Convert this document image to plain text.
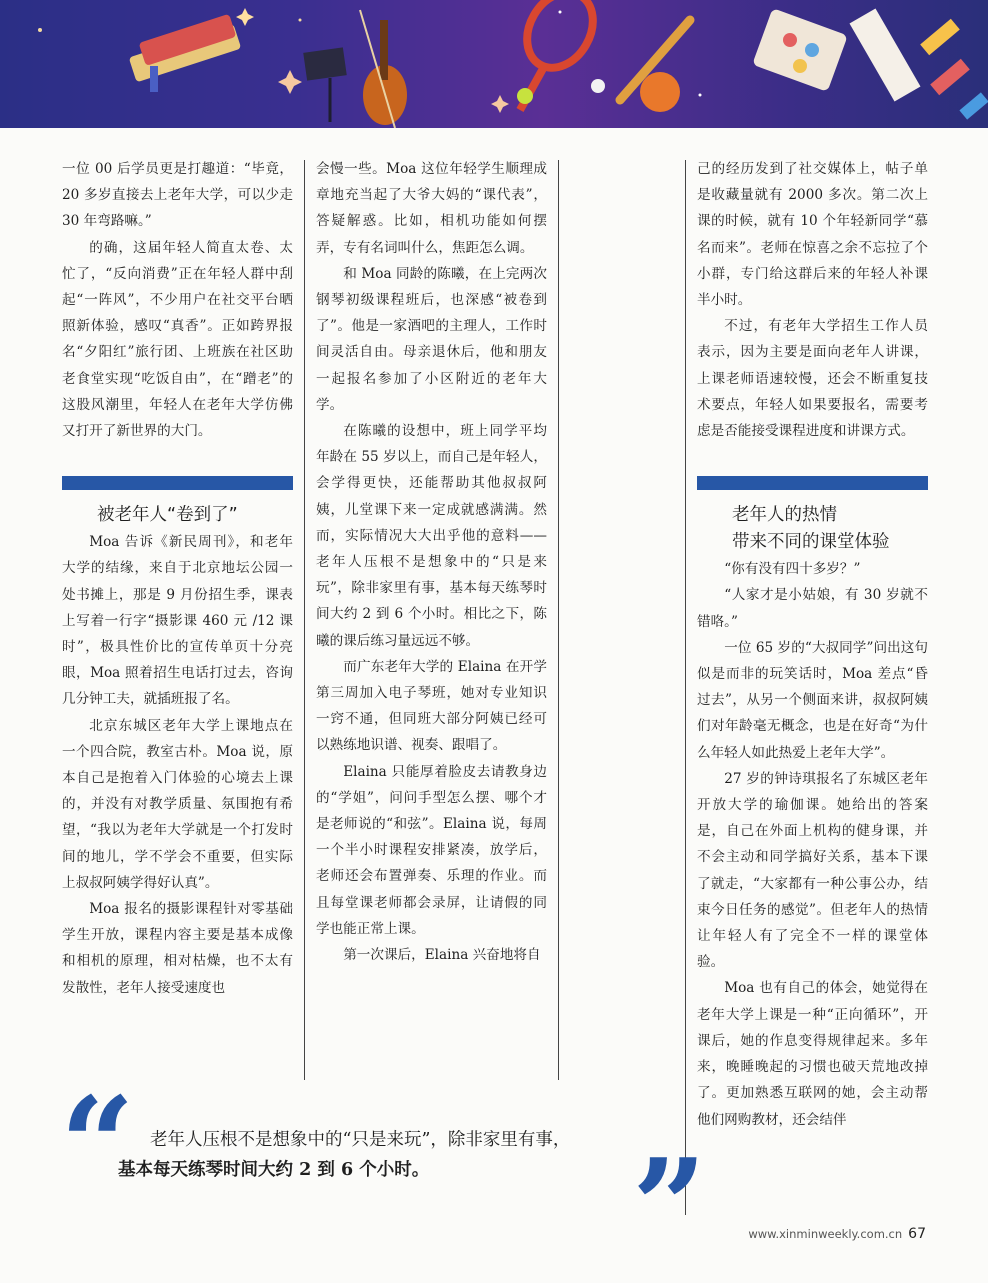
一位 00 后学员更是打趣道：“毕竟，20 多岁直接去上老年大学，可以少走 30 年弯路嘛。”

的确，这届年轻人简直太卷、太忙了，“反向消费”正在年轻人群中刮起“一阵风”，不少用户在社交平台晒照新体验，感叹“真香”。正如跨界报名“夕阳红”旅行团、上班族在社区助老食堂实现“吃饭自由”，在“蹭老”的这股风潮里，年轻人在老年大学仿佛又打开了新世界的大门。

被老年人“卷到了”

Moa 告诉《新民周刊》，和老年大学的结缘，来自于北京地坛公园一处书摊上，那是 9 月份招生季，课表上写着一行字“摄影课 460 元 /12 课时”，极具性价比的宣传单页十分亮眼，Moa 照着招生电话打过去，咨询几分钟工夫，就插班报了名。

北京东城区老年大学上课地点在一个四合院，教室古朴。Moa 说，原本自己是抱着入门体验的心境去上课的，并没有对教学质量、氛围抱有希望，“我以为老年大学就是一个打发时间的地儿，学不学会不重要，但实际上叔叔阿姨学得好认真”。

Moa 报名的摄影课程针对零基础学生开放，课程内容主要是基本成像和相机的原理，相对枯燥，也不太有发散性，老年人接受速度也

会慢一些。Moa 这位年轻学生顺理成章地充当起了大爷大妈的“课代表”，答疑解惑。比如，相机功能如何摆弄，专有名词叫什么，焦距怎么调。

和 Moa 同龄的陈曦，在上完两次钢琴初级课程班后，也深感“被卷到了”。他是一家酒吧的主理人，工作时间灵活自由。母亲退休后，他和朋友一起报名参加了小区附近的老年大学。

在陈曦的设想中，班上同学平均年龄在 55 岁以上，而自己是年轻人，会学得更快，还能帮助其他叔叔阿姨，儿堂课下来一定成就感满满。然而，实际情况大大出乎他的意料——老年人压根不是想象中的“只是来玩”，除非家里有事，基本每天练琴时间大约 2 到 6 个小时。相比之下，陈曦的课后练习量远远不够。

而广东老年大学的 Elaina 在开学第三周加入电子琴班，她对专业知识一窍不通，但同班大部分阿姨已经可以熟练地识谱、视奏、跟唱了。

Elaina 只能厚着脸皮去请教身边的“学姐”，问问手型怎么摆、哪个才是老师说的“和弦”。Elaina 说，每周一个半小时课程安排紧凑，放学后，老师还会布置弹奏、乐理的作业。而且每堂课老师都会录屏，让请假的同学也能正常上课。

第一次课后，Elaina 兴奋地将自

己的经历发到了社交媒体上，帖子单是收藏量就有 2000 多次。第二次上课的时候，就有 10 个年轻新同学“慕名而来”。老师在惊喜之余不忘拉了个小群，专门给这群后来的年轻人补课半小时。

不过，有老年大学招生工作人员表示，因为主要是面向老年人讲课，上课老师语速较慢，还会不断重复技术要点，年轻人如果要报名，需要考虑是否能接受课程进度和讲课方式。

老年人的热情

带来不同的课堂体验

“你有没有四十多岁？”

“人家才是小姑娘，有 30 岁就不错咯。”

一位 65 岁的“大叔同学”问出这句似是而非的玩笑话时，Moa 差点“昏过去”，从另一个侧面来讲，叔叔阿姨们对年龄毫无概念，也是在好奇“为什么年轻人如此热爱上老年大学”。

27 岁的钟诗琪报名了东城区老年开放大学的瑜伽课。她给出的答案是，自己在外面上机构的健身课，并不会主动和同学搞好关系，基本下课了就走，“大家都有一种公事公办，结束今日任务的感觉”。但老年人的热情让年轻人有了完全不一样的课堂体验。

Moa 也有自己的体会，她觉得在老年大学上课是一种“正向循环”，开课后，她的作息变得规律起来。多年来，晚睡晚起的习惯也破天荒地改掉了。更加熟悉互联网的她，会主动帮他们网购教材，还会结伴

“ 老年人压根不是想象中的“只是来玩”，除非家里有事，
基本每天练琴时间大约 2 到 6 个小时。 ”	www.xinminweekly.com.cn 67
